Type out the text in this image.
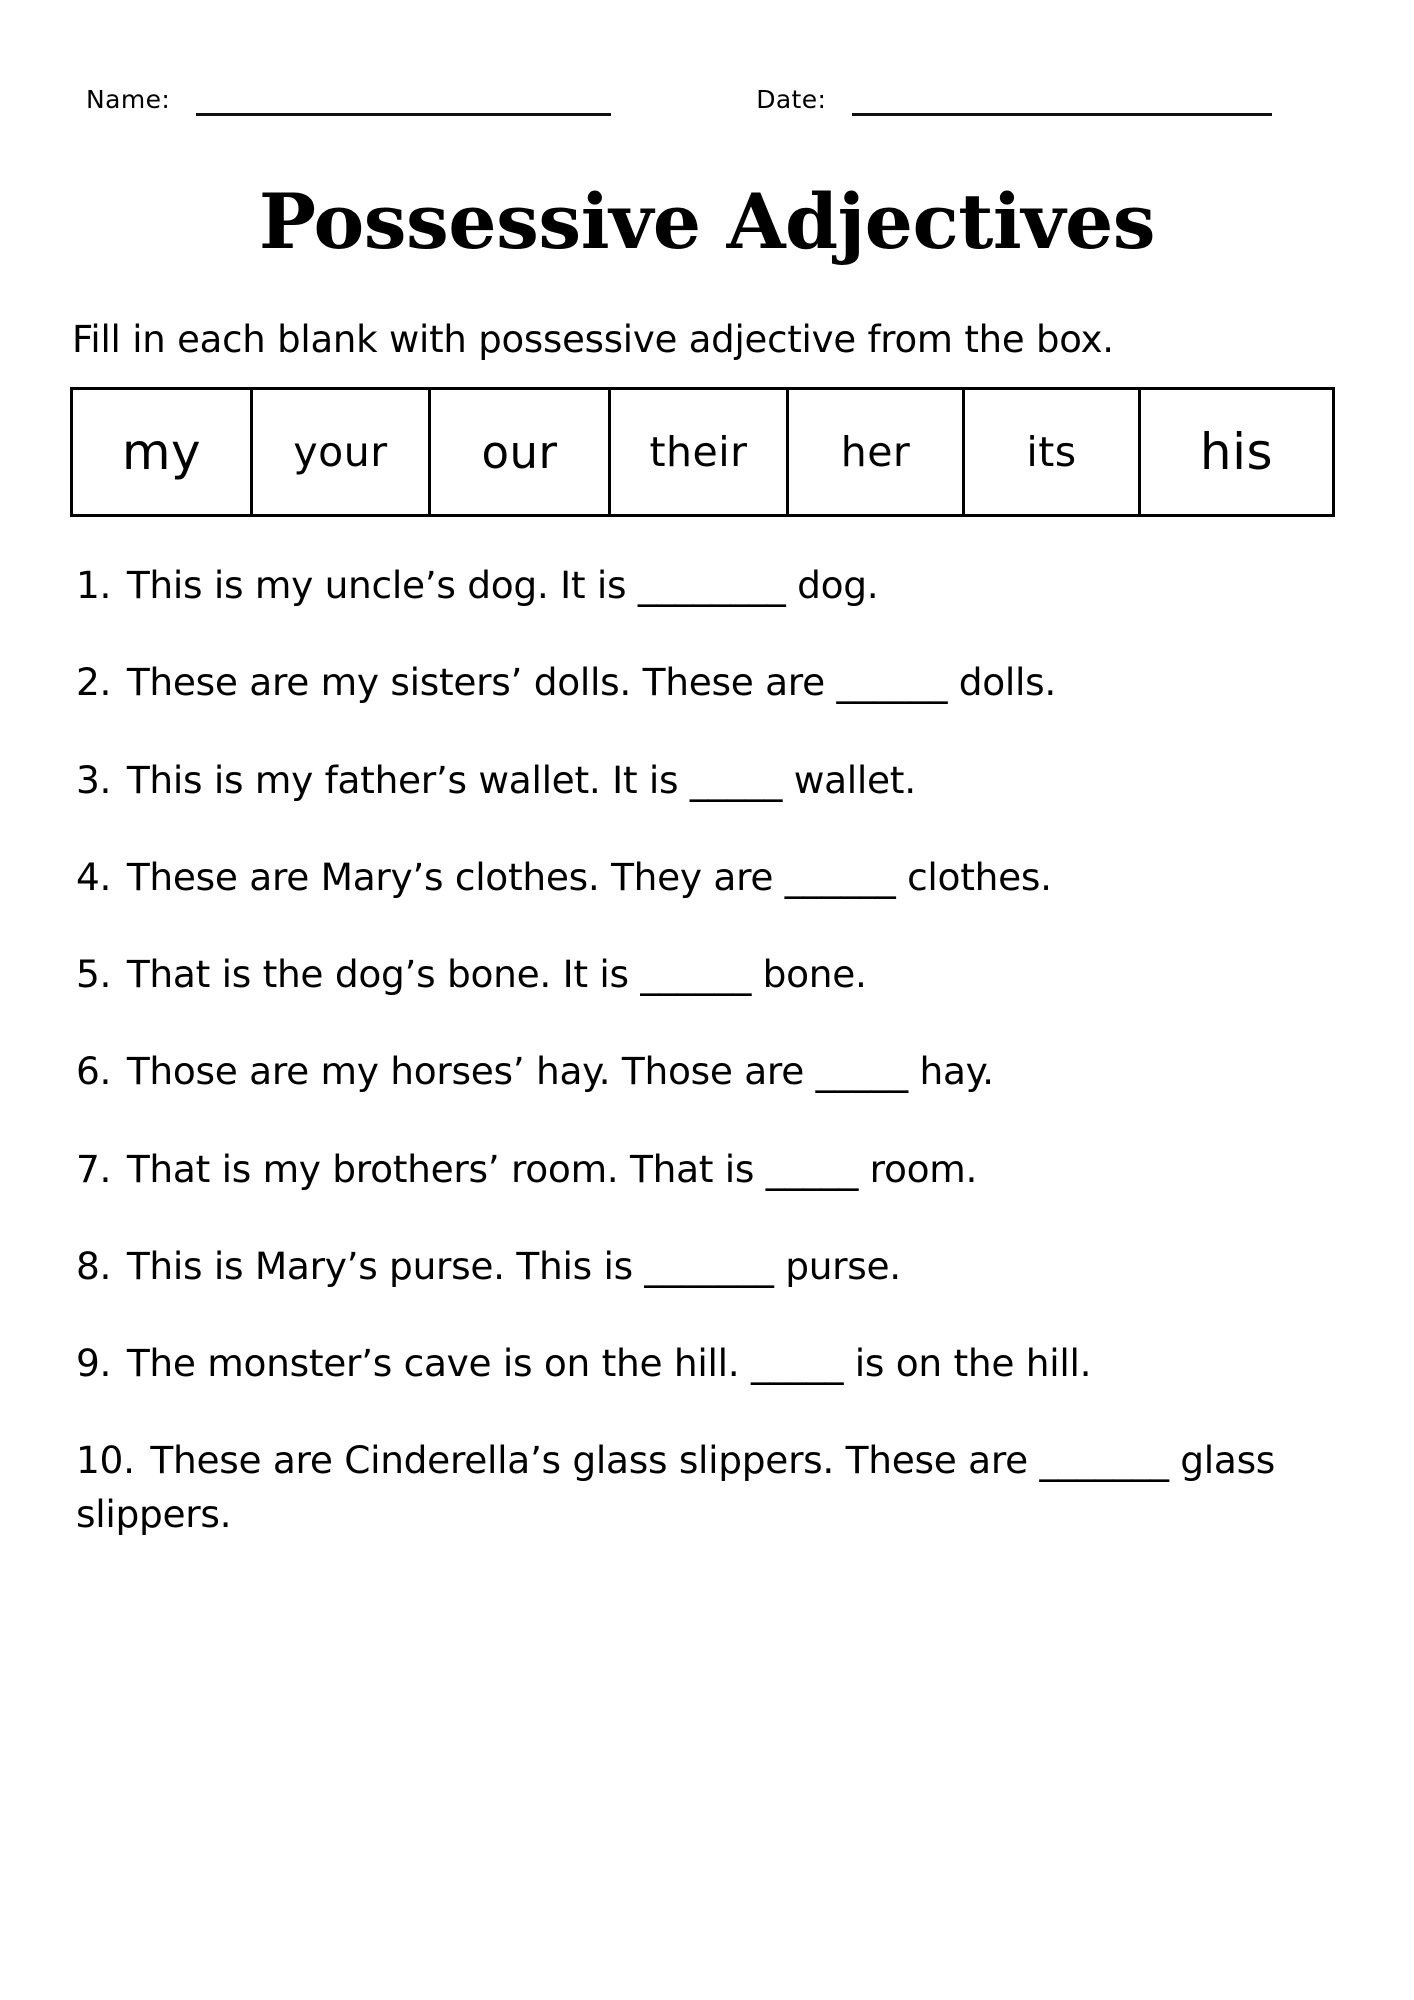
Name:	Date:
Possessive Adjectives
Fill in each blank with possessive adjective from the box.
my	your	our	their	her	its	his
1. This is my uncle’s dog. It is ________ dog.
2. These are my sisters’ dolls. These are ______ dolls.
3. This is my father’s wallet. It is _____ wallet.
4. These are Mary’s clothes. They are ______ clothes.
5. That is the dog’s bone. It is ______ bone.
6. Those are my horses’ hay. Those are _____ hay.
7. That is my brothers’ room. That is _____ room.
8. This is Mary’s purse. This is _______ purse.
9. The monster’s cave is on the hill. _____ is on the hill.
10. These are Cinderella’s glass slippers. These are _______ glass slippers.
